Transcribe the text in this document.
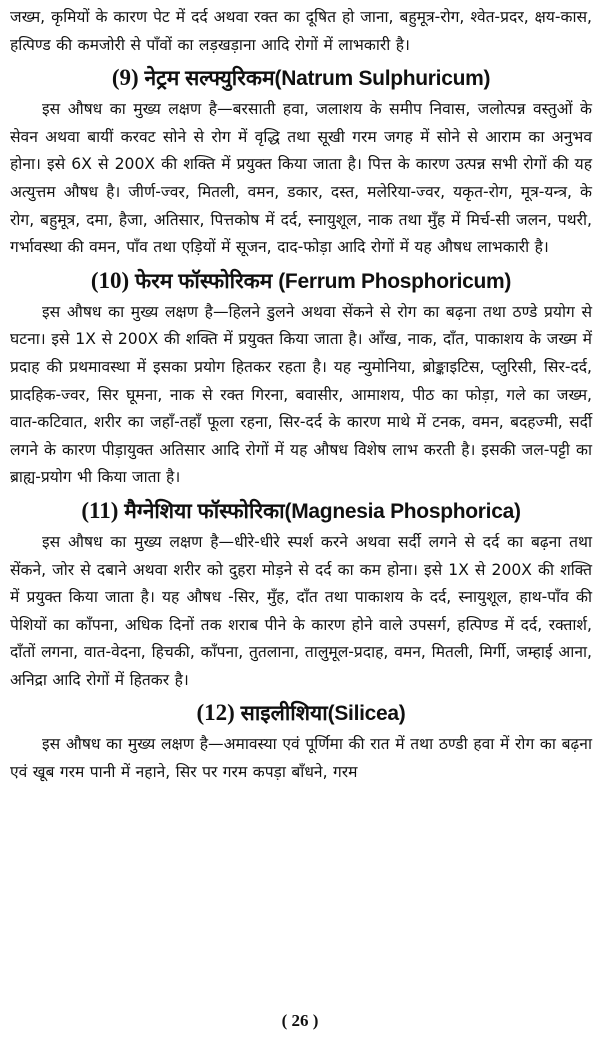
जख्म, कृमियों के कारण पेट में दर्द अथवा रक्त का दूषित हो जाना, बहुमूत्र-रोग, श्वेत-प्रदर, क्षय-कास, हत्पिण्ड की कमजोरी से पाँवों का लड़खड़ाना आदि रोगों में लाभकारी है।

(9) नेट्रम सल्फ्युरिकम(Natrum Sulphuricum)

इस औषध का मुख्य लक्षण है—बरसाती हवा, जलाशय के समीप निवास, जलोत्पन्न वस्तुओं के सेवन अथवा बायीं करवट सोने से रोग में वृद्धि तथा सूखी गरम जगह में सोने से आराम का अनुभव होना। इसे 6X से 200X की शक्ति में प्रयुक्त किया जाता है। पित्त के कारण उत्पन्न सभी रोगों की यह अत्युत्तम औषध है। जीर्ण-ज्वर, मितली, वमन, डकार, दस्त, मलेरिया-ज्वर, यकृत-रोग, मूत्र-यन्त्र, के रोग, बहुमूत्र, दमा, हैजा, अतिसार, पित्तकोष में दर्द, स्नायुशूल, नाक तथा मुँह में मिर्च-सी जलन, पथरी, गर्भावस्था की वमन, पाँव तथा एड़ियों में सूजन, दाद-फोड़ा आदि रोगों में यह औषध लाभकारी है।

(10) फेरम फॉस्फोरिकम (Ferrum Phosphoricum)

इस औषध का मुख्य लक्षण है—हिलने डुलने अथवा सेंकने से रोग का बढ़ना तथा ठण्डे प्रयोग से घटना। इसे 1X से 200X की शक्ति में प्रयुक्त किया जाता है। आँख, नाक, दाँत, पाकाशय के जख्म में प्रदाह की प्रथमावस्था में इसका प्रयोग हितकर रहता है। यह न्युमोनिया, ब्रोङ्काइटिस, प्लुरिसी, सिर-दर्द, प्रादहिक-ज्वर, सिर घूमना, नाक से रक्त गिरना, बवासीर, आमाशय, पीठ का फोड़ा, गले का जख्म, वात-कटिवात, शरीर का जहाँ-तहाँ फूला रहना, सिर-दर्द के कारण माथे में टनक, वमन, बदहज्मी, सर्दी लगने के कारण पीड़ायुक्त अतिसार आदि रोगों में यह औषध विशेष लाभ करती है। इसकी जल-पट्टी का ब्राह्य-प्रयोग भी किया जाता है।

(11) मैग्नेशिया फॉस्फोरिका(Magnesia Phosphorica)

इस औषध का मुख्य लक्षण है—धीरे-धीरे स्पर्श करने अथवा सर्दी लगने से दर्द का बढ़ना तथा सेंकने, जोर से दबाने अथवा शरीर को दुहरा मोड़ने से दर्द का कम होना। इसे 1X से 200X की शक्ति में प्रयुक्त किया जाता है। यह औषध -सिर, मुँह, दाँत तथा पाकाशय के दर्द, स्नायुशूल, हाथ-पाँव की पेशियों का काँपना, अधिक दिनों तक शराब पीने के कारण होने वाले उपसर्ग, हत्पिण्ड में दर्द, रक्तार्श, दाँतों लगना, वात-वेदना, हिचकी, काँपना, तुतलाना, तालुमूल-प्रदाह, वमन, मितली, मिर्गी, जम्हाई आना, अनिद्रा आदि रोगों में हितकर है।

(12) साइलीशिया(Silicea)

इस औषध का मुख्य लक्षण है—अमावस्या एवं पूर्णिमा की रात में तथा ठण्डी हवा में रोग का बढ़ना एवं खूब गरम पानी में नहाने, सिर पर गरम कपड़ा बाँधने, गरम

( 26 )
